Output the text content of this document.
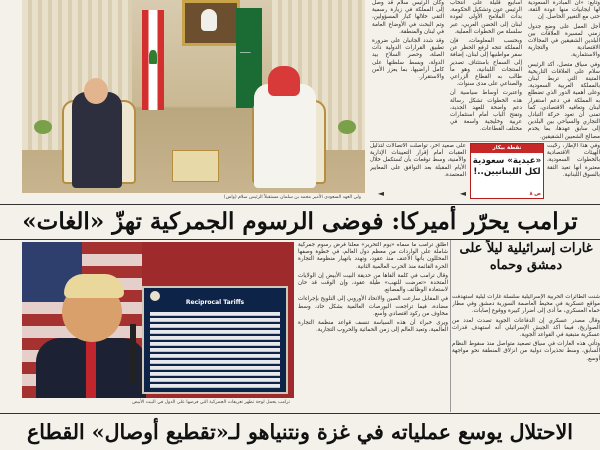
ــــــ
ولي العهد السعودي الأمير محمد بن سلمان مستقبلاً الرئيس سلام (واس)

وتابع: «أن المبادرة السعودية لها ايجابيات منها عودة الثقة، حتى مع التغيير الحاصل. إن

أجل العمل على وضع جدول زمني لمسيرة العلاقات بين البلدين الشقيقين في المجالات الاقتصادية والتجارية والاستثمارية.

وفي سياق متصل، أكد الرئيس سلام على العلاقات التاريخية المتينة التي تربط لبنان بالمملكة العربية السعودية، وعلى أهمية الدور الذي تضطلع به المملكة في دعم استقرار لبنان وتعافيه الاقتصادي، كما تمنى أن تعود حركة التبادل التجاري والسياحي بين البلدين إلى سابق عهدها، بما يخدم مصالح الشعبين الشقيقين.

أسابيع قليلة على انتخاب الرئيس عون وتشكيل الحكومة، بدأت الملامح الأولى لعودة لبنان إلى الحضن العربي، عبر سلسلة من الخطوات العملية.

وبحسب المعلومات، فإن المملكة تتجه لرفع الحظر عن سفر مواطنيها إلى لبنان، إضافة إلى السماح باستئناف تصدير المنتجات اللبنانية، وهو ما طالب به القطاع الزراعي والصناعي على مدى سنوات.

واعتبرت أوساط سياسية أن هذه الخطوات تشكل رسالة دعم واضحة للعهد الجديد، وتفتح الباب أمام استثمارات عربية وخليجية واسعة في مختلف القطاعات.

وكان الرئيس سلام قد وصل إلى المملكة في زيارة رسمية التقى خلالها كبار المسؤولين، وتم البحث في الأوضاع العامة في لبنان والمنطقة.

وقد شدد الجانبان على ضرورة تطبيق القرارات الدولية ذات الصلة، وحصر السلاح بيد الدولة، وبسط سلطتها على كامل أراضيها، بما يعزز الأمن والاستقرار.

وفي هذا الإطار، رحّبت الهيئات الاقتصادية بالخطوات السعودية، معتبرة أنها تعيد الثقة بالسوق اللبنانية.

نقطة بيكار
«عيدية» سعودية لكل اللبنانيين..!
ص ٨

على صعيد آخر، تواصلت الاتصالات لتذليل العقبات أمام إقرار التعيينات الإدارية والأمنية، وسط توقعات بأن تُستكمل خلال الأيام المقبلة بعد التوافق على المعايير المعتمدة.

◄
◄
ترامب يحرّر أميركا: فوضى الرسوم الجمركية تهزّ «الغات»
Reciprocal Tariffs
ترامب يحمل لوحة تظهر تعريفات الجمركية التي فرضها على الدول في البيت الأبيض

اطلق ترامب ما سماه «يوم التحرير» معلناً فرض رسوم جمركية شاملة على الواردات من معظم دول العالم، في خطوة وصفها المحللون بأنها الأعنف منذ عقود، وتهدد بانهيار منظومة التجارة الحرة القائمة منذ الحرب العالمية الثانية.

وقال ترامب في كلمة ألقاها من حديقة البيت الأبيض إن الولايات المتحدة «تعرضت للنهب» طيلة عقود، وإن الوقت قد حان لاستعادة الوظائف والمصانع.

في المقابل سارعت الصين والاتحاد الأوروبي إلى التلويح بإجراءات مضادة، فيما تراجعت البورصات العالمية بشكل حاد، وسط مخاوف من ركود اقتصادي واسع.

ويرى خبراء أن هذه السياسة تنسف قواعد منظمة التجارة العالمية، وتعيد العالم إلى زمن الحمائية والحروب التجارية.

غارات إسرائيلية ليلاً على دمشق وحماه

شنت الطائرات الحربية الإسرائيلية سلسلة غارات ليلية استهدفت مواقع عسكرية في محيط العاصمة السورية دمشق وفي مطار حماه العسكري، ما أدى إلى أضرار كبيرة ووقوع إصابات.

وقال مصدر عسكري إن الدفاعات الجوية تصدت لعدد من الصواريخ، فيما أكد الجيش الإسرائيلي أنه استهدف قدرات عسكرية متبقية في القواعد الجوية.

وتأتي هذه الغارات في سياق تصعيد متواصل منذ سقوط النظام السابق، وسط تحذيرات دولية من انزلاق المنطقة نحو مواجهة أوسع.

الاحتلال يوسع عملياته في غزة ونتنياهو لـ«تقطيع أوصال» القطاع
